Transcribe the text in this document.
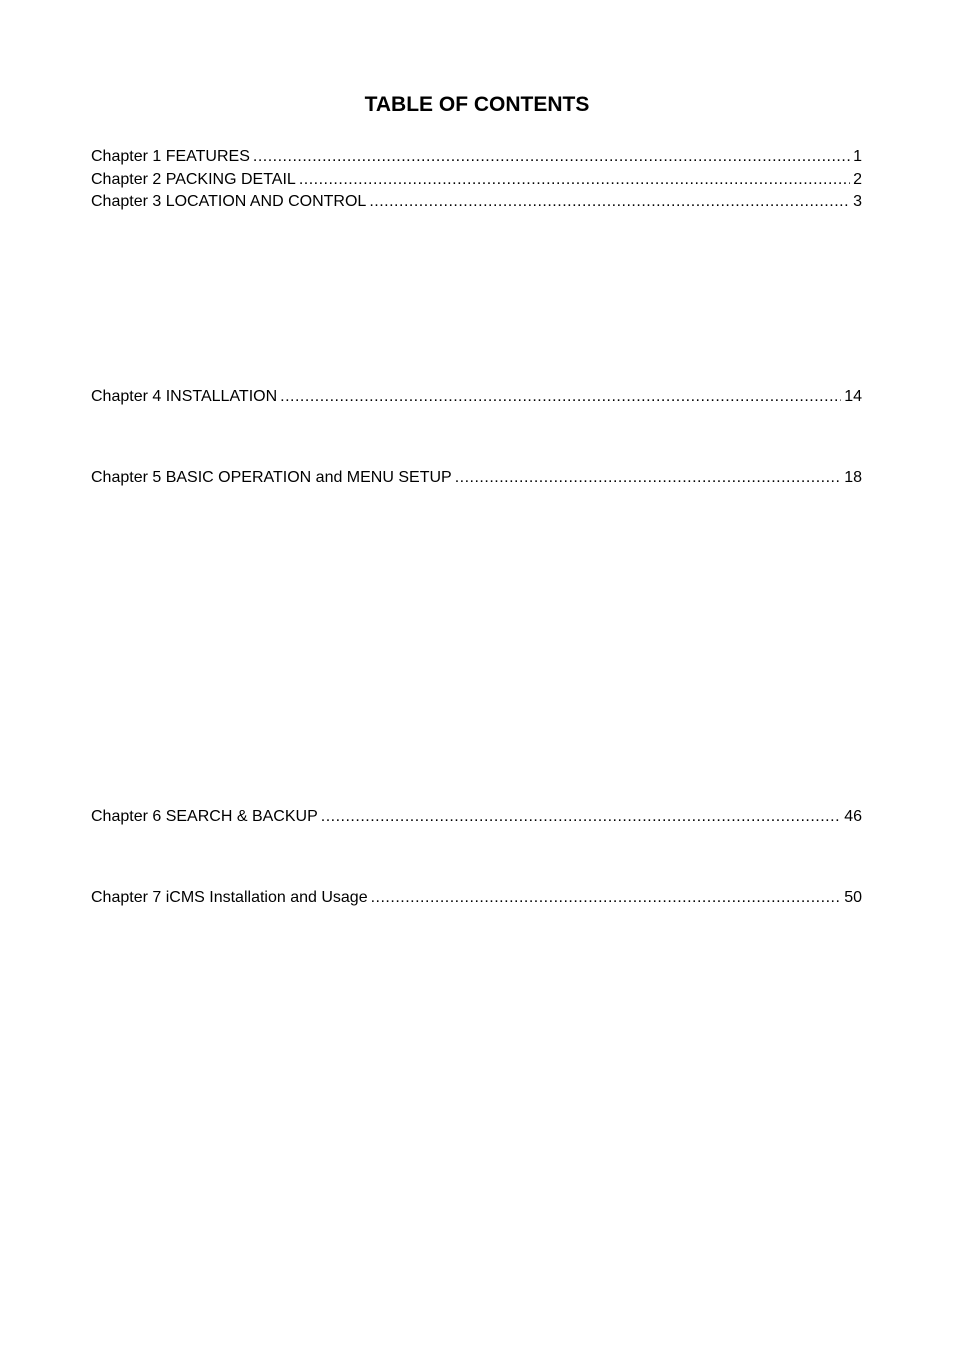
TABLE OF CONTENTS
Chapter 1 FEATURES .....	1
Chapter 2 PACKING DETAIL .....	2
Chapter 3 LOCATION AND CONTROL .....	3
Chapter 4 INSTALLATION .....	14
Chapter 5 BASIC OPERATION and MENU SETUP .....	18
Chapter 6 SEARCH & BACKUP .....	46
Chapter 7 iCMS Installation and Usage .....	50
